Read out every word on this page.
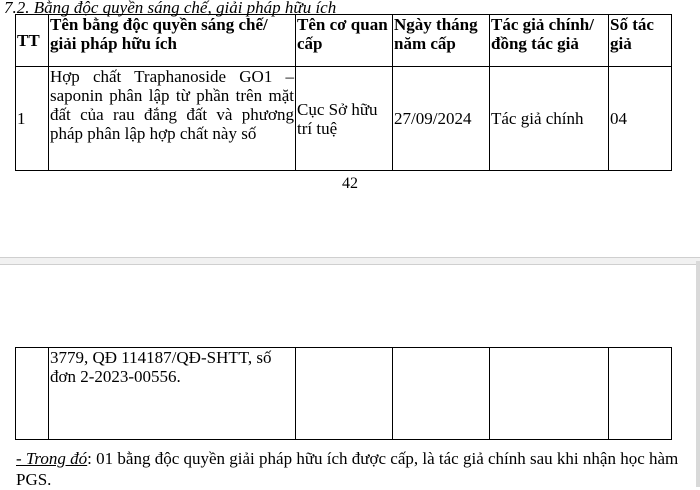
7.2. Bằng độc quyền sáng chế, giải pháp hữu ích
TT	Tên bằng độc quyền sáng chế/ giải pháp hữu ích	Tên cơ quan cấp	Ngày tháng năm cấp	Tác giả chính/ đồng tác giả	Số tác giả
1	Hợp chất Traphanoside GO1 – saponin phân lập từ phần trên mặt đất của rau đắng đất và phương pháp phân lập hợp chất này số	Cục Sở hữu trí tuệ	27/09/2024	Tác giả chính	04
42
	3779, QĐ 114187/QĐ-SHTT, số đơn 2-2023-00556.				
- Trong đó: 01 bằng độc quyền giải pháp hữu ích được cấp, là tác giả chính sau khi nhận học hàm PGS.
